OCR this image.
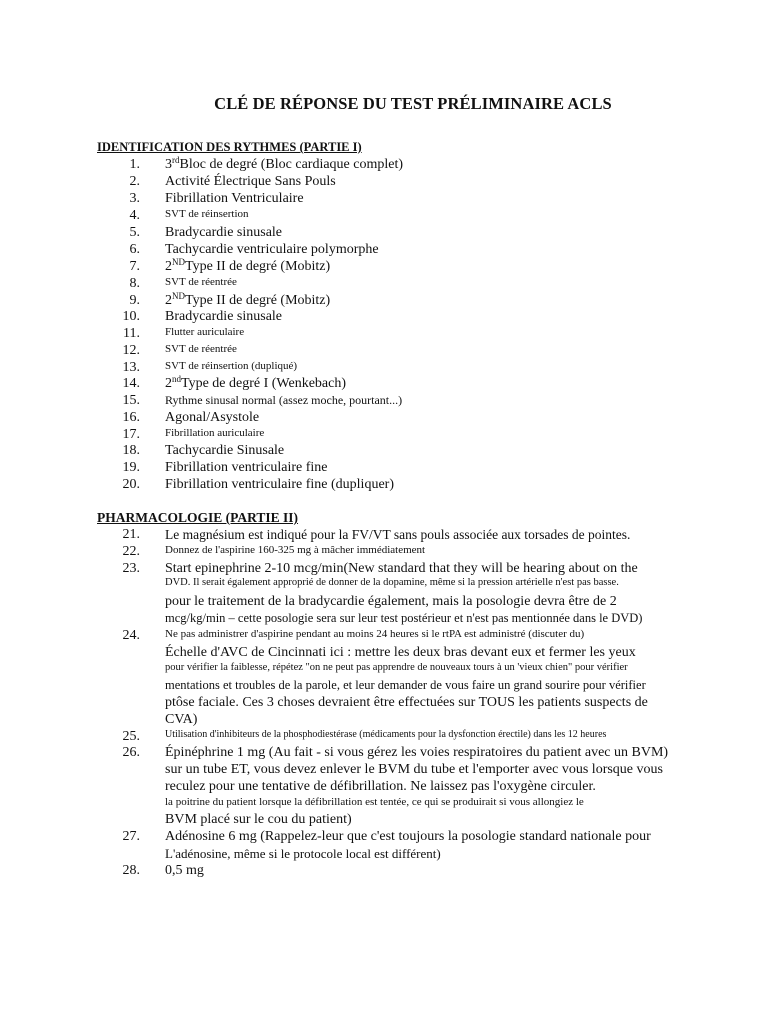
CLÉ DE RÉPONSE DU TEST PRÉLIMINAIRE ACLS
IDENTIFICATION DES RYTHMES (PARTIE I)
1. 3rdBloc de degré (Bloc cardiaque complet)
2. Activité Électrique Sans Pouls
3. Fibrillation Ventriculaire
4. SVT de réinsertion
5. Bradycardie sinusale
6. Tachycardie ventriculaire polymorphe
7. 2NDType II de degré (Mobitz)
8. SVT de réentrée
9. 2NDType II de degré (Mobitz)
10. Bradycardie sinusale
11. Flutter auriculaire
12. SVT de réentrée
13. SVT de réinsertion (dupliqué)
14. 2ndType de degré I (Wenkebach)
15. Rythme sinusal normal (assez moche, pourtant...)
16. Agonal/Asystole
17. Fibrillation auriculaire
18. Tachycardie Sinusale
19. Fibrillation ventriculaire fine
20. Fibrillation ventriculaire fine (dupliquer)
PHARMACOLOGIE (PARTIE II)
21. Le magnésium est indiqué pour la FV/VT sans pouls associée aux torsades de pointes.
22. Donnez de l'aspirine 160-325 mg à mâcher immédiatement
23. Start epinephrine 2-10 mcg/min(New standard that they will be hearing about on the
DVD. Il serait également approprié de donner de la dopamine, même si la pression artérielle n'est pas basse.
pour le traitement de la bradycardie également, mais la posologie devra être de 2
mcg/kg/min – cette posologie sera sur leur test postérieur et n'est pas mentionnée dans le DVD)
24. Ne pas administrer d'aspirine pendant au moins 24 heures si le rtPA est administré (discuter du)
Échelle d'AVC de Cincinnati ici : mettre les deux bras devant eux et fermer les yeux
pour vérifier la faiblesse, répétez "on ne peut pas apprendre de nouveaux tours à un 'vieux chien" pour vérifier
mentations et troubles de la parole, et leur demander de vous faire un grand sourire pour vérifier
ptôse faciale. Ces 3 choses devraient être effectuées sur TOUS les patients suspects de
CVA)
25.	Utilisation d'inhibiteurs de la phosphodiestérase (médicaments pour la dysfonction érectile) dans les 12 heures
26. Épinéphrine 1 mg (Au fait - si vous gérez les voies respiratoires du patient avec un BVM)
sur un tube ET, vous devez enlever le BVM du tube et l'emporter avec vous lorsque vous
reculez pour une tentative de défibrillation. Ne laissez pas l'oxygène circuler.
la poitrine du patient lorsque la défibrillation est tentée, ce qui se produirait si vous allongiez le
BVM placé sur le cou du patient)
27. Adénosine 6 mg (Rappelez-leur que c'est toujours la posologie standard nationale pour
L'adénosine, même si le protocole local est différent)
28. 0,5 mg
